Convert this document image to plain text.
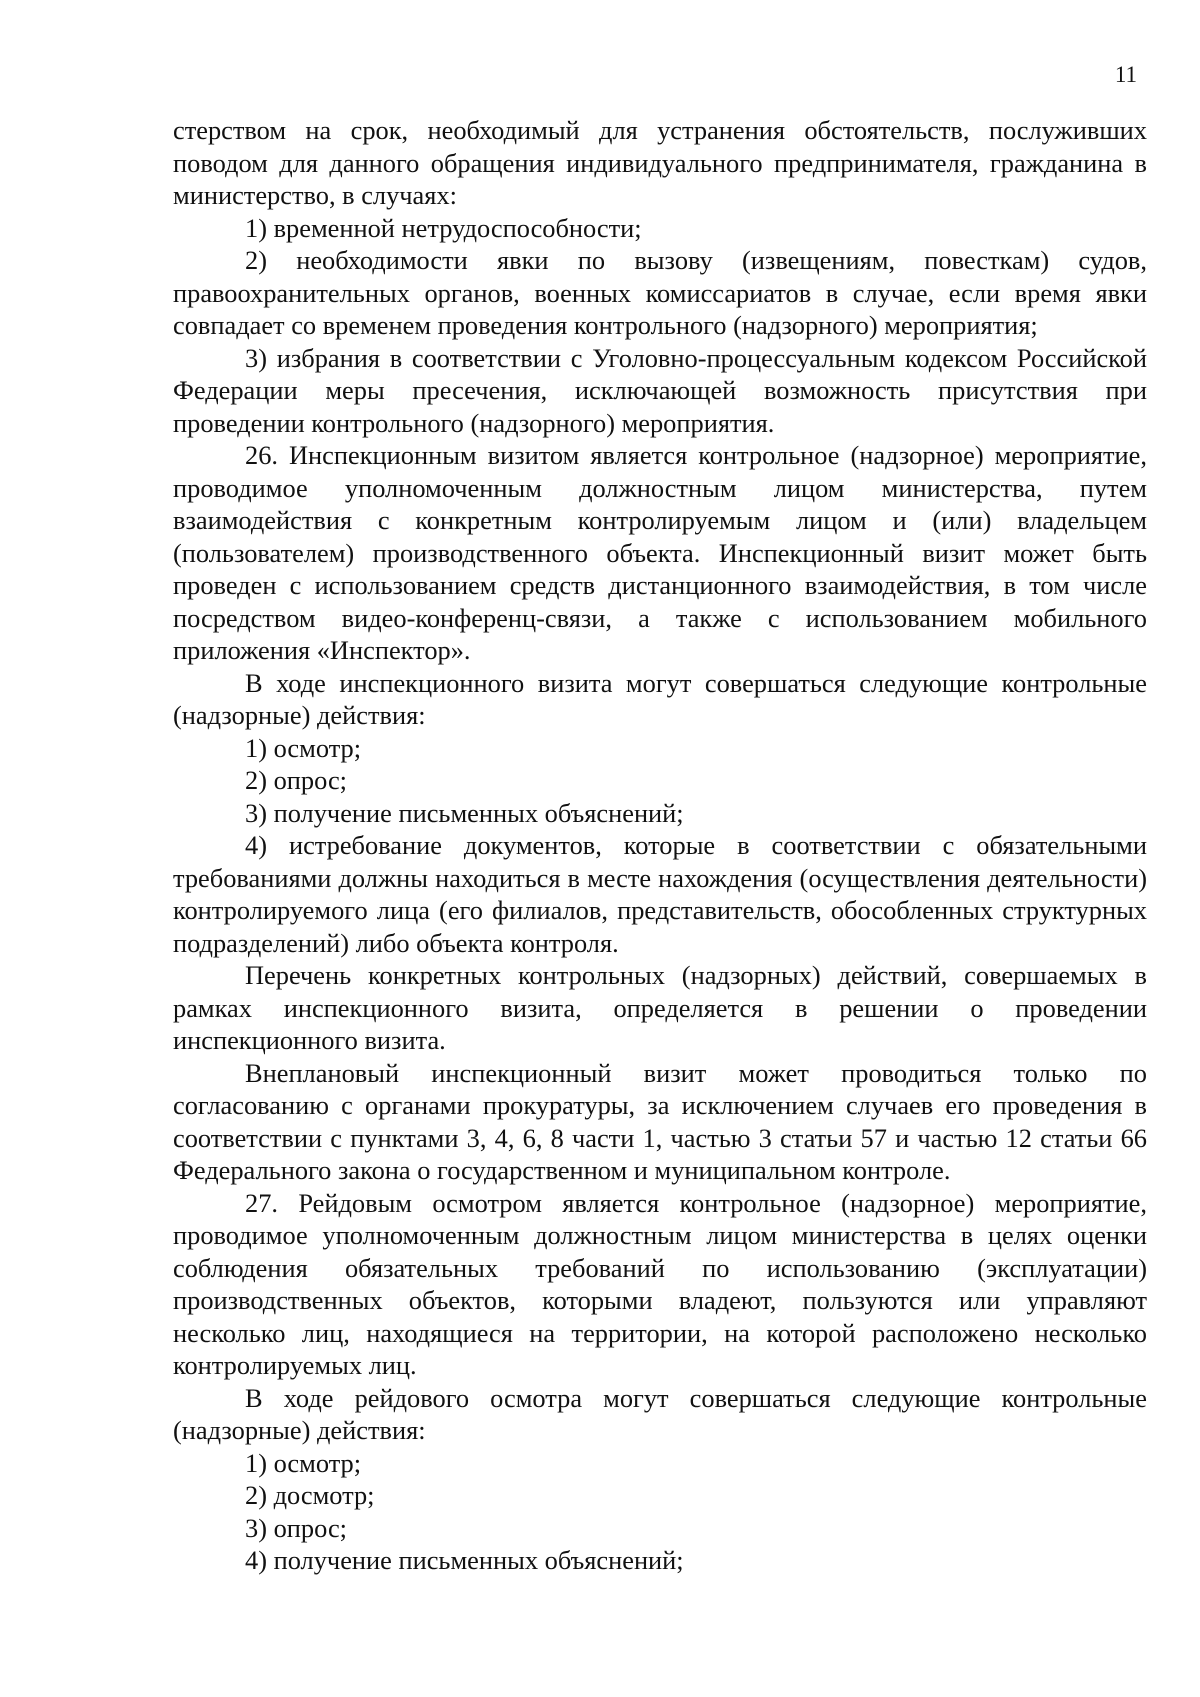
11

стерством на срок, необходимый для устранения обстоятельств, послуживших поводом для данного обращения индивидуального предпринимателя, гражданина в министерство, в случаях:

1) временной нетрудоспособности;

2) необходимости явки по вызову (извещениям, повесткам) судов, правоохранительных органов, военных комиссариатов в случае, если время явки совпадает со временем проведения контрольного (надзорного) мероприятия;

3) избрания в соответствии с Уголовно-процессуальным кодексом Российской Федерации меры пресечения, исключающей возможность присутствия при проведении контрольного (надзорного) мероприятия.

26. Инспекционным визитом является контрольное (надзорное) мероприятие, проводимое уполномоченным должностным лицом министерства, путем взаимодействия с конкретным контролируемым лицом и (или) владельцем (пользователем) производственного объекта. Инспекционный визит может быть проведен с использованием средств дистанционного взаимодействия, в том числе посредством видео-конференц-связи, а также с использованием мобильного приложения «Инспектор».

В ходе инспекционного визита могут совершаться следующие контрольные (надзорные) действия:

1) осмотр;

2) опрос;

3) получение письменных объяснений;

4) истребование документов, которые в соответствии с обязательными требованиями должны находиться в месте нахождения (осуществления деятельности) контролируемого лица (его филиалов, представительств, обособленных структурных подразделений) либо объекта контроля.

Перечень конкретных контрольных (надзорных) действий, совершаемых в рамках инспекционного визита, определяется в решении о проведении инспекционного визита.

Внеплановый инспекционный визит может проводиться только по согласованию с органами прокуратуры, за исключением случаев его проведения в соответствии с пунктами 3, 4, 6, 8 части 1, частью 3 статьи 57 и частью 12 статьи 66 Федерального закона о государственном и муниципальном контроле.

27. Рейдовым осмотром является контрольное (надзорное) мероприятие, проводимое уполномоченным должностным лицом министерства в целях оценки соблюдения обязательных требований по использованию (эксплуатации) производственных объектов, которыми владеют, пользуются или управляют несколько лиц, находящиеся на территории, на которой расположено несколько контролируемых лиц.

В ходе рейдового осмотра могут совершаться следующие контрольные (надзорные) действия:

1) осмотр;

2) досмотр;

3) опрос;

4) получение письменных объяснений;
